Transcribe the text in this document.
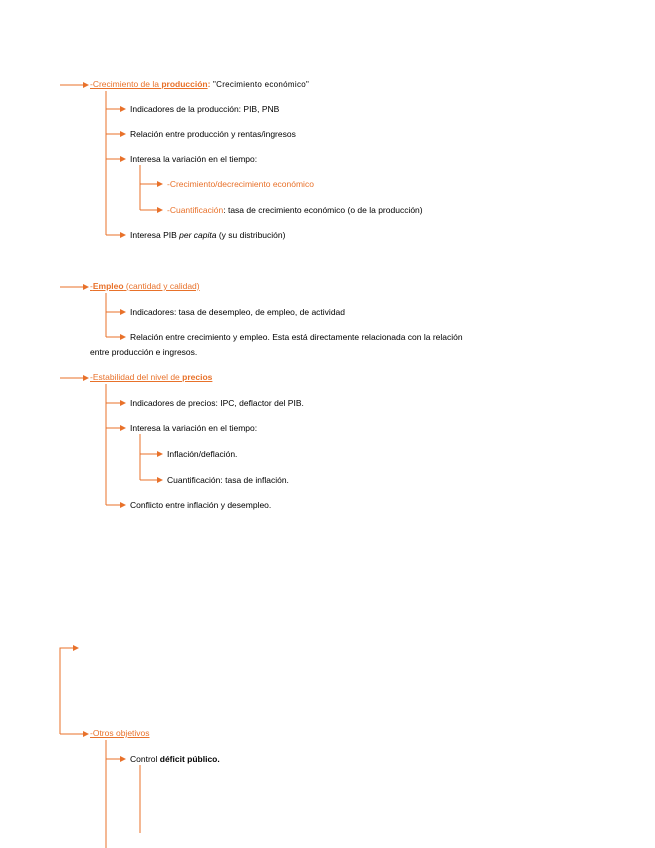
-Crecimiento de la producción: "Crecimiento económico"
Indicadores de la producción: PIB, PNB
Relación entre producción y rentas/ingresos
Interesa la variación en el tiempo:
-Crecimiento/decrecimiento económico
-Cuantificación: tasa de crecimiento económico (o de la producción)
Interesa PIB per capita (y su distribución)
-Empleo (cantidad y calidad)
Indicadores: tasa de desempleo, de empleo, de actividad
Relación entre crecimiento y empleo. Esta está directamente relacionada con la relación
entre producción e ingresos.
-Estabilidad del nivel de precios
Indicadores de precios: IPC, deflactor del PIB.
Interesa la variación en el tiempo:
Inflación/deflación.
Cuantificación: tasa de inflación.
Conflicto entre inflación y desempleo.
-Otros objetivos
Control déficit público.
